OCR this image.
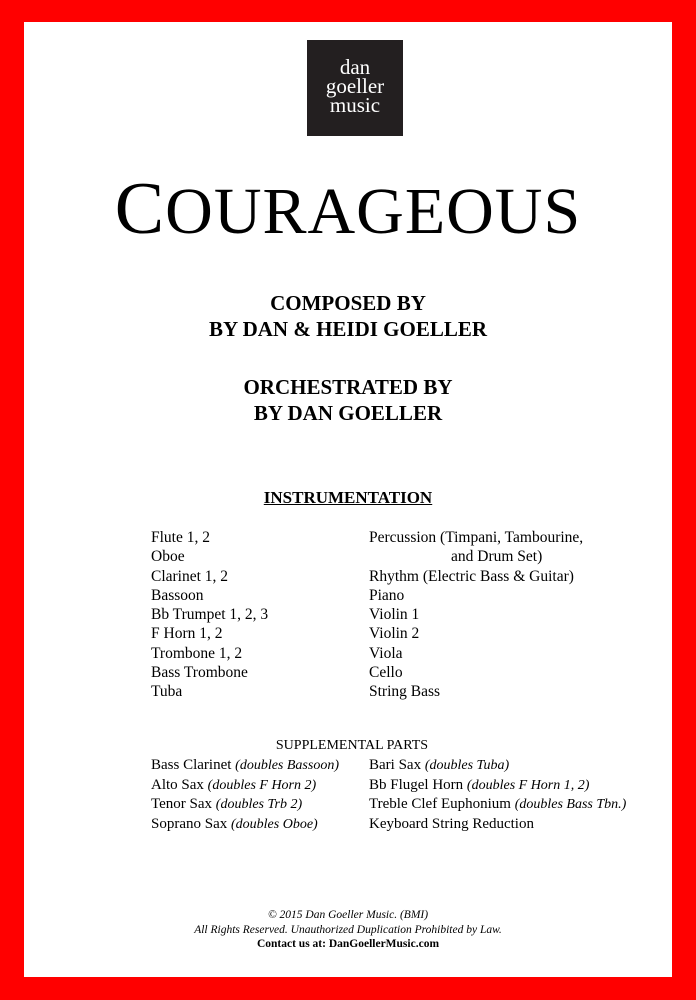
dan
goeller
music
COURAGEOUS
COMPOSED BY
BY DAN & HEIDI GOELLER
ORCHESTRATED BY
BY DAN GOELLER
INSTRUMENTATION
Flute 1, 2
Oboe
Clarinet 1, 2
Bassoon
Bb Trumpet 1, 2, 3
F Horn 1, 2
Trombone 1, 2
Bass Trombone
Tuba
Percussion (Timpani, Tambourine,
and Drum Set)
Rhythm (Electric Bass & Guitar)
Piano
Violin 1
Violin 2
Viola
Cello
String Bass
SUPPLEMENTAL PARTS
Bass Clarinet (doubles Bassoon)
Alto Sax (doubles F Horn 2)
Tenor Sax (doubles Trb 2)
Soprano Sax (doubles Oboe)
Bari Sax (doubles Tuba)
Bb Flugel Horn (doubles F Horn 1, 2)
Treble Clef Euphonium (doubles Bass Tbn.)
Keyboard String Reduction
© 2015 Dan Goeller Music. (BMI)
All Rights Reserved. Unauthorized Duplication Prohibited by Law.
Contact us at: DanGoellerMusic.com
